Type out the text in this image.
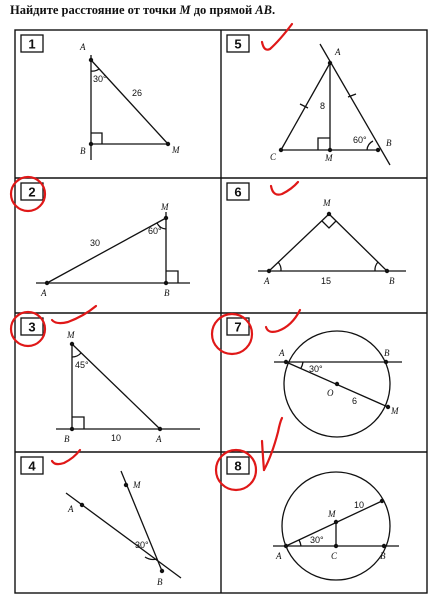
Найдите расстояние от точки M до прямой AB.
1
2
3
4
5
6
7
8
A
B	M
30°
26
A	B
M
60°
30
M
B	A
45°
10
A
M
B
30°
A
C	M
B
8
60°
M
A	B
15
A	B
O
M
30°
6
A	C	B
M
30°
10
